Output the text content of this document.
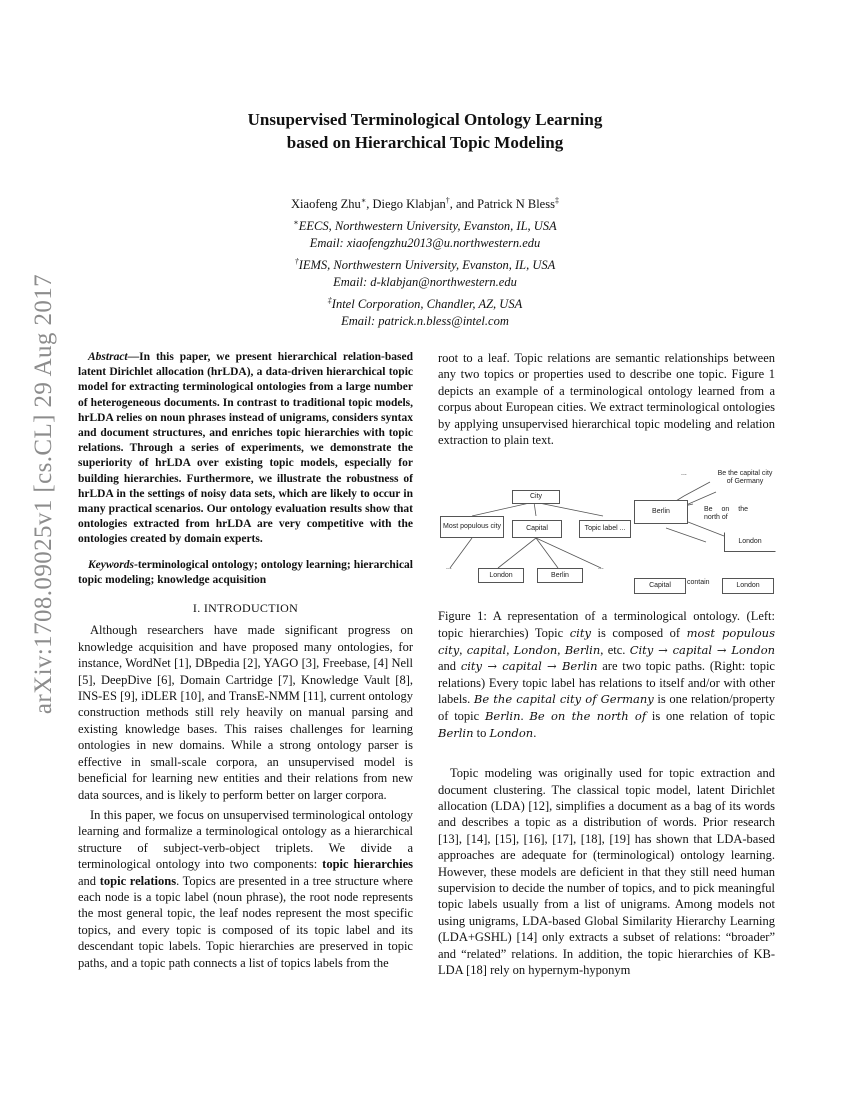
arXiv:1708.09025v1 [cs.CL] 29 Aug 2017
Unsupervised Terminological Ontology Learning
based on Hierarchical Topic Modeling
Xiaofeng Zhu∗, Diego Klabjan†, and Patrick N Bless‡
∗EECS, Northwestern University, Evanston, IL, USA
Email: xiaofengzhu2013@u.northwestern.edu
†IEMS, Northwestern University, Evanston, IL, USA
Email: d-klabjan@northwestern.edu
‡Intel Corporation, Chandler, AZ, USA
Email: patrick.n.bless@intel.com

Abstract—In this paper, we present hierarchical relation-based latent Dirichlet allocation (hrLDA), a data-driven hierarchical topic model for extracting terminological ontologies from a large number of heterogeneous documents. In contrast to traditional topic models, hrLDA relies on noun phrases instead of unigrams, considers syntax and document structures, and enriches topic hierarchies with topic relations. Through a series of experiments, we demonstrate the superiority of hrLDA over existing topic models, especially for building hierarchies. Furthermore, we illustrate the robustness of hrLDA in the settings of noisy data sets, which are likely to occur in many practical scenarios. Our ontology evaluation results show that ontologies extracted from hrLDA are very competitive with the ontologies created by domain experts.

Keywords-terminological ontology; ontology learning; hierarchical topic modeling; knowledge acquisition

I. INTRODUCTION

Although researchers have made significant progress on knowledge acquisition and have proposed many ontologies, for instance, WordNet [1], DBpedia [2], YAGO [3], Freebase, [4] Nell [5], DeepDive [6], Domain Cartridge [7], Knowledge Vault [8], INS-ES [9], iDLER [10], and TransE-NMM [11], current ontology construction methods still rely heavily on manual parsing and existing knowledge bases. This raises challenges for learning ontologies in new domains. While a strong ontology parser is effective in small-scale corpora, an unsupervised model is beneficial for learning new entities and their relations from new data sources, and is likely to perform better on larger corpora.

In this paper, we focus on unsupervised terminological ontology learning and formalize a terminological ontology as a hierarchical structure of subject-verb-object triplets. We divide a terminological ontology into two components: topic hierarchies and topic relations. Topics are presented in a tree structure where each node is a topic label (noun phrase), the root node represents the most general topic, the leaf nodes represent the most specific topics, and every topic is composed of its topic label and its descendant topic labels. Topic hierarchies are preserved in topic paths, and a topic path connects a list of topics labels from the

root to a leaf. Topic relations are semantic relationships between any two topics or properties used to describe one topic. Figure 1 depicts an example of a terminological ontology learned from a corpus about European cities. We extract terminological ontologies by applying unsupervised hierarchical topic modeling and relation extraction to plain text.

City
Most populous city	Capital	Topic label ...
...
London	Berlin
...
...
Berlin
Be the capital city of Germany
Be on the north of
London
Capital	contain	London

Figure 1: A representation of a terminological ontology. (Left: topic hierarchies) Topic city is composed of most populous city, capital, London, Berlin, etc. City → capital → London and city → capital → Berlin are two topic paths. (Right: topic relations) Every topic label has relations to itself and/or with other labels. Be the capital city of Germany is one relation/property of topic Berlin. Be on the north of is one relation of topic Berlin to London.

Topic modeling was originally used for topic extraction and document clustering. The classical topic model, latent Dirichlet allocation (LDA) [12], simplifies a document as a bag of its words and describes a topic as a distribution of words. Prior research [13], [14], [15], [16], [17], [18], [19] has shown that LDA-based approaches are adequate for (terminological) ontology learning. However, these models are deficient in that they still need human supervision to decide the number of topics, and to pick meaningful topic labels usually from a list of unigrams. Among models not using unigrams, LDA-based Global Similarity Hierarchy Learning (LDA+GSHL) [14] only extracts a subset of relations: “broader” and “related” relations. In addition, the topic hierarchies of KB-LDA [18] rely on hypernym-hyponym
